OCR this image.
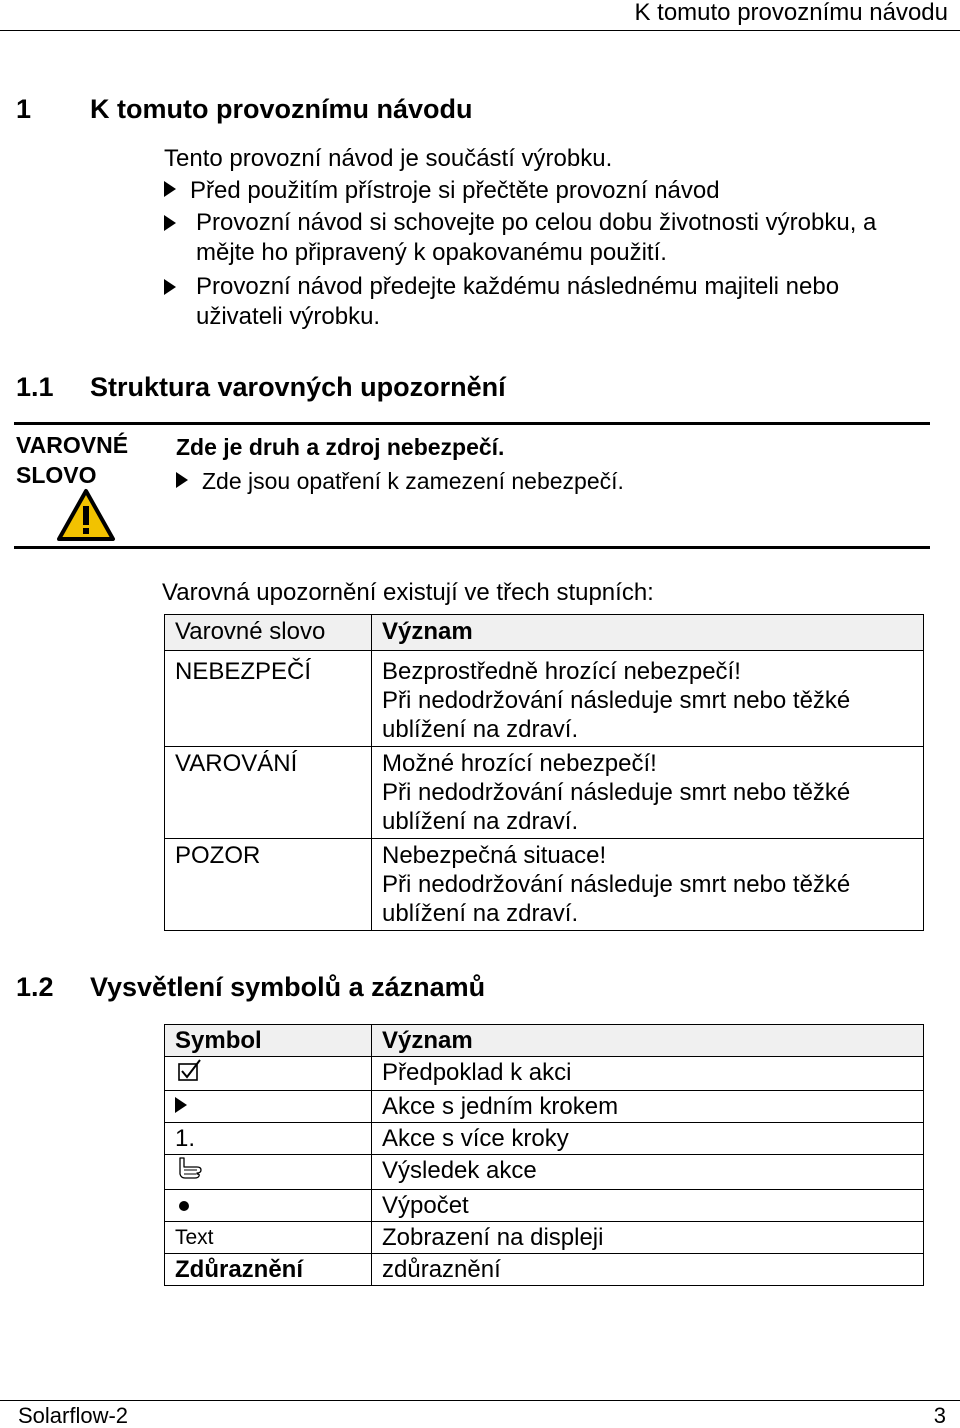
K tomuto provoznímu návodu
1 K tomuto provoznímu návodu
Tento provozní návod je součástí výrobku.
Před použitím přístroje si přečtěte provozní návod
Provozní návod si schovejte po celou dobu životnosti výrobku, a mějte ho připravený k opakovanému použití.
Provozní návod předejte každému následnému majiteli nebo uživateli výrobku.
1.1 Struktura varovných upozornění
VAROVNÉ
SLOVO
Zde je druh a zdroj nebezpečí.
Zde jsou opatření k zamezení nebezpečí.
Varovná upozornění existují ve třech stupních:
Varovné slovo	Význam
NEBEZPEČÍ	Bezprostředně hrozící nebezpečí!
Při nedodržování následuje smrt nebo těžké ublížení na zdraví.

VAROVÁNÍ	Možné hrozící nebezpečí!
Při nedodržování následuje smrt nebo těžké ublížení na zdraví.

POZOR	Nebezpečná situace!
Při nedodržování následuje smrt nebo těžké ublížení na zdraví.
1.2 Vysvětlení symbolů a záznamů
Symbol	Význam
	Předpoklad k akci
	Akce s jedním krokem
1.	Akce s více kroky
	Výsledek akce
	Výpočet
Text	Zobrazení na displeji
Zdůraznění	zdůraznění
Solarflow-2	3
